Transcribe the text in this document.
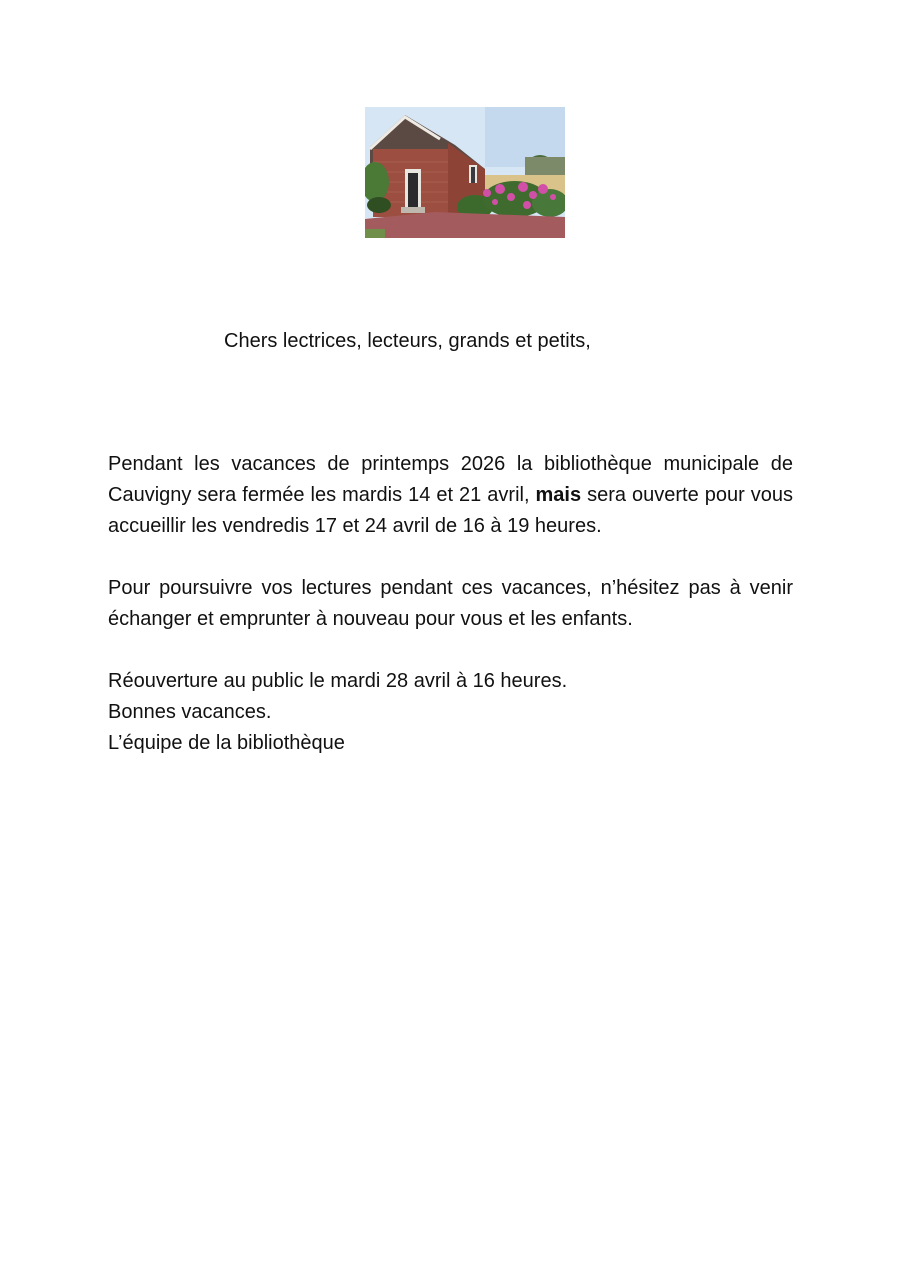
Chers lectrices, lecteurs, grands et petits,
Pendant les vacances de printemps 2026 la bibliothèque municipale de
Cauvigny sera fermée les mardis 14 et 21 avril, mais sera ouverte pour vous
accueillir les vendredis 17 et 24 avril de 16 à 19 heures.
Pour poursuivre vos lectures pendant ces vacances, n’hésitez pas à venir
échanger et emprunter à nouveau pour vous et les enfants.
Réouverture au public le mardi 28 avril à 16 heures.
Bonnes vacances.
L’équipe de la bibliothèque
